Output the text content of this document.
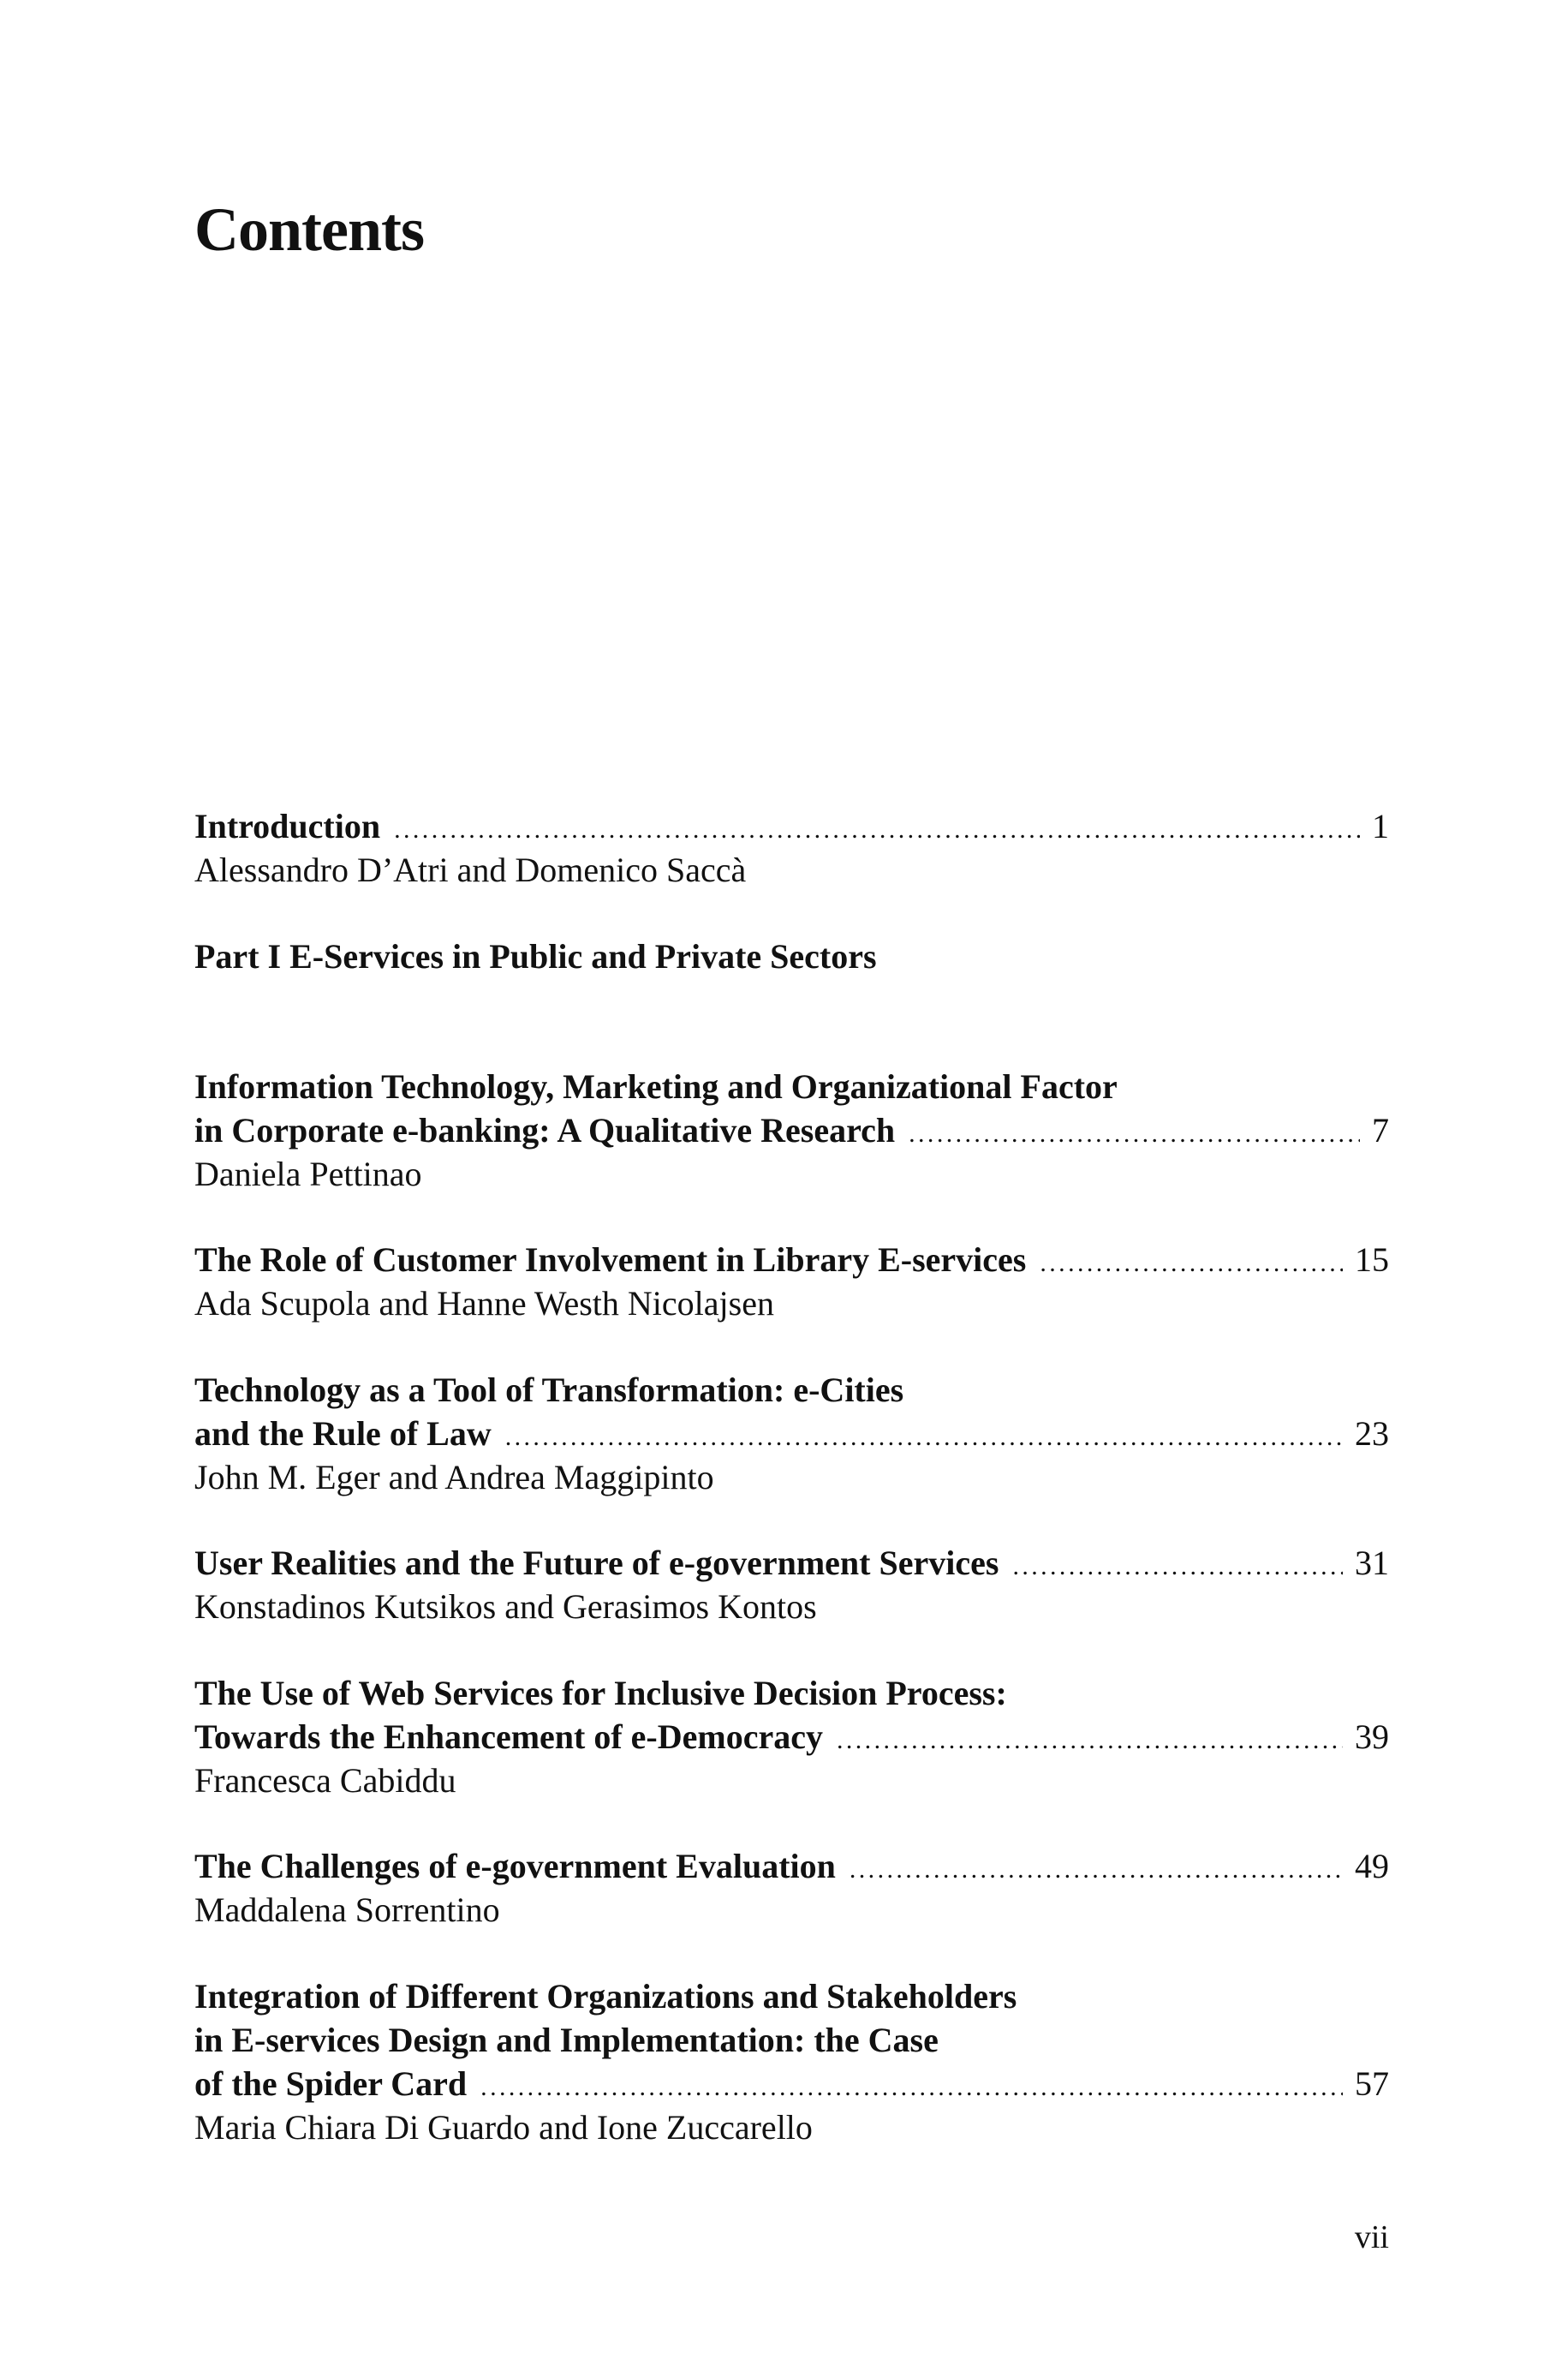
Contents
Introduction .....	1
Alessandro D’Atri and Domenico Saccà
Part I E-Services in Public and Private Sectors
Information Technology, Marketing and Organizational Factor
in Corporate e-banking: A Qualitative Research .....	7
Daniela Pettinao
The Role of Customer Involvement in Library E-services .....	15
Ada Scupola and Hanne Westh Nicolajsen
Technology as a Tool of Transformation: e-Cities
and the Rule of Law .....	23
John M. Eger and Andrea Maggipinto
User Realities and the Future of e-government Services .....	31
Konstadinos Kutsikos and Gerasimos Kontos
The Use of Web Services for Inclusive Decision Process:
Towards the Enhancement of e-Democracy .....	39
Francesca Cabiddu
The Challenges of e-government Evaluation .....	49
Maddalena Sorrentino
Integration of Different Organizations and Stakeholders
in E-services Design and Implementation: the Case
of the Spider Card .....	57
Maria Chiara Di Guardo and Ione Zuccarello
vii
